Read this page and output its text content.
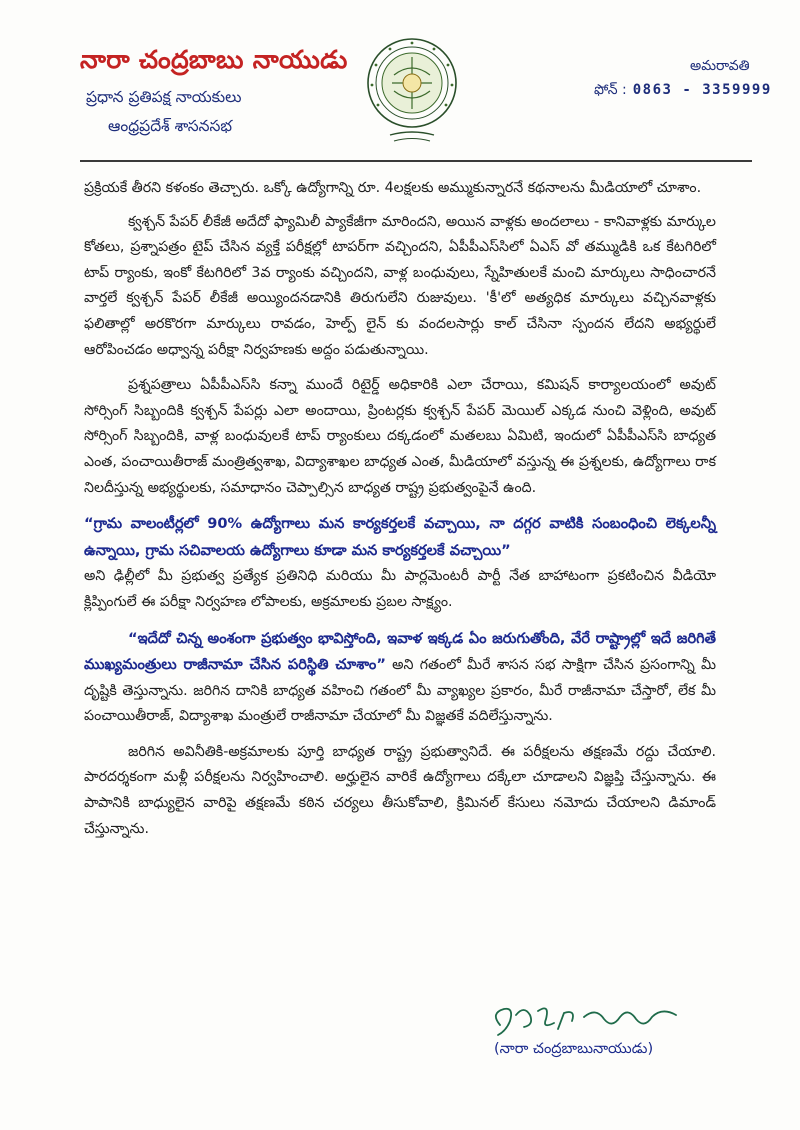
నారా చంద్రబాబు నాయుడు
ప్రధాన ప్రతిపక్ష నాయకులు
ఆంధ్రప్రదేశ్ శాసనసభ
అమరావతి
ఫోన్ : 0863 - 3359999

ప్రక్రియకే తీరని కళంకం తెచ్చారు. ఒక్కో ఉద్యోగాన్ని రూ. 4లక్షలకు అమ్ముకున్నారనే కథనాలను మీడియాలో చూశాం.

క్వశ్చన్ పేపర్ లీకేజీ అదేదో ఫ్యామిలీ ప్యాకేజీగా మారిందని, అయిన వాళ్లకు అందలాలు - కానివాళ్లకు మార్కుల కోతలు, ప్రశ్నాపత్రం టైప్ చేసిన వ్యక్తే పరీక్షల్లో టాపర్‌గా వచ్చిందని, ఏపీపీఎస్‌సిలో ఏఎస్ వో తమ్ముడికి ఒక కేటగిరిలో టాప్ ర్యాంకు, ఇంకో కేటగిరిలో 3వ ర్యాంకు వచ్చిందని, వాళ్ల బంధువులు, స్నేహితులకే మంచి మార్కులు సాధించారనే వార్తలే క్వశ్చన్ పేపర్ లీకేజీ అయ్యిందనడానికి తిరుగులేని రుజువులు. 'కీ'లో అత్యధిక మార్కులు వచ్చినవాళ్లకు ఫలితాల్లో అరకొరగా మార్కులు రావడం, హెల్ప్ లైన్ కు వందలసార్లు కాల్ చేసినా స్పందన లేదని అభ్యర్థులే ఆరోపించడం అధ్వాన్న పరీక్షా నిర్వహణకు అద్దం పడుతున్నాయి.

ప్రశ్నపత్రాలు ఏపీపీఎస్‌సి కన్నా ముందే రిటైర్డ్ అధికారికి ఎలా చేరాయి, కమిషన్ కార్యాలయంలో అవుట్ సోర్సింగ్ సిబ్బందికి క్వశ్చన్ పేపర్లు ఎలా అందాయి, ప్రింటర్లకు క్వశ్చన్ పేపర్ మెయిల్ ఎక్కడ నుంచి వెళ్లింది, అవుట్ సోర్సింగ్ సిబ్బందికి, వాళ్ల బంధువులకే టాప్ ర్యాంకులు దక్కడంలో మతలబు ఏమిటి, ఇందులో ఏపీపీఎస్‌సి బాధ్యత ఎంత, పంచాయితీరాజ్ మంత్రిత్వశాఖ, విద్యాశాఖల బాధ్యత ఎంత, మీడియాలో వస్తున్న ఈ ప్రశ్నలకు, ఉద్యోగాలు రాక నిలదీస్తున్న అభ్యర్థులకు, సమాధానం చెప్పాల్సిన బాధ్యత రాష్ట్ర ప్రభుత్వంపైనే ఉంది.

“గ్రామ వాలంటీర్లలో 90% ఉద్యోగాలు మన కార్యకర్తలకే వచ్చాయి, నా దగ్గర వాటికి సంబంధించి లెక్కలన్నీ ఉన్నాయి, గ్రామ సచివాలయ ఉద్యోగాలు కూడా మన కార్యకర్తలకే వచ్చాయి”
అని ఢిల్లీలో మీ ప్రభుత్వ ప్రత్యేక ప్రతినిధి మరియు మీ పార్లమెంటరీ పార్టీ నేత బాహాటంగా ప్రకటించిన వీడియో క్లిప్పింగులే ఈ పరీక్షా నిర్వహణ లోపాలకు, అక్రమాలకు ప్రబల సాక్ష్యం.

“ఇదేదో చిన్న అంశంగా ప్రభుత్వం భావిస్తోంది, ఇవాళ ఇక్కడ ఏం జరుగుతోంది, వేరే రాష్ట్రాల్లో ఇదే జరిగితే ముఖ్యమంత్రులు రాజీనామా చేసిన పరిస్థితి చూశాం” అని గతంలో మీరే శాసన సభ సాక్షిగా చేసిన ప్రసంగాన్ని మీ దృష్టికి తెస్తున్నాను. జరిగిన దానికి బాధ్యత వహించి గతంలో మీ వ్యాఖ్యల ప్రకారం, మీరే రాజీనామా చేస్తారో, లేక మీ పంచాయితీరాజ్, విద్యాశాఖ మంత్రులే రాజీనామా చేయాలో మీ విజ్ఞతకే వదిలేస్తున్నాను.

జరిగిన అవినీతికి-అక్రమాలకు పూర్తి బాధ్యత రాష్ట్ర ప్రభుత్వానిదే. ఈ పరీక్షలను తక్షణమే రద్దు చేయాలి. పారదర్శకంగా మళ్లీ పరీక్షలను నిర్వహించాలి. అర్హులైన వారికే ఉద్యోగాలు దక్కేలా చూడాలని విజ్ఞప్తి చేస్తున్నాను. ఈ పాపానికి బాధ్యులైన వారిపై తక్షణమే కఠిన చర్యలు తీసుకోవాలి, క్రిమినల్ కేసులు నమోదు చేయాలని డిమాండ్ చేస్తున్నాను.

(నారా చంద్రబాబునాయుడు)
